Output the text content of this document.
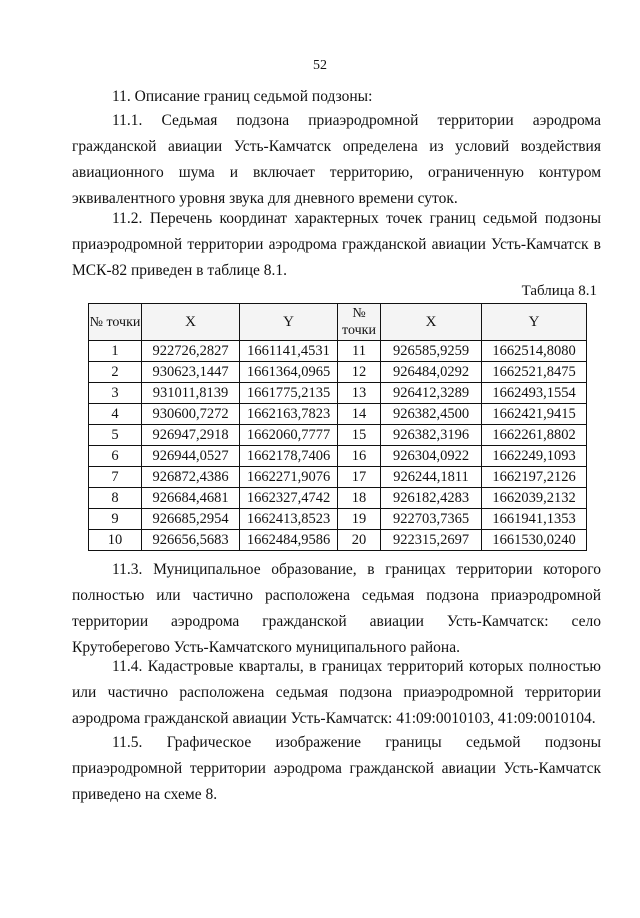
52

11. Описание границ седьмой подзоны:

11.1. Седьмая подзона приаэродромной территории аэродрома гражданской авиации Усть-Камчатск определена из условий воздействия авиационного шума и включает территорию, ограниченную контуром эквивалентного уровня звука для дневного времени суток.

11.2. Перечень координат характерных точек границ седьмой подзоны приаэродромной территории аэродрома гражданской авиации Усть-Камчатск в МСК-82 приведен в таблице 8.1.

Таблица 8.1
№ точки	X	Y	№ точки	X	Y
1	922726,2827	1661141,4531	11	926585,9259	1662514,8080
2	930623,1447	1661364,0965	12	926484,0292	1662521,8475
3	931011,8139	1661775,2135	13	926412,3289	1662493,1554
4	930600,7272	1662163,7823	14	926382,4500	1662421,9415
5	926947,2918	1662060,7777	15	926382,3196	1662261,8802
6	926944,0527	1662178,7406	16	926304,0922	1662249,1093
7	926872,4386	1662271,9076	17	926244,1811	1662197,2126
8	926684,4681	1662327,4742	18	926182,4283	1662039,2132
9	926685,2954	1662413,8523	19	922703,7365	1661941,1353
10	926656,5683	1662484,9586	20	922315,2697	1661530,0240

11.3. Муниципальное образование, в границах территории которого полностью или частично расположена седьмая подзона приаэродромной территории аэродрома гражданской авиации Усть-Камчатск: село Крутоберегово Усть-Камчатского муниципального района.

11.4. Кадастровые кварталы, в границах территорий которых полностью или частично расположена седьмая подзона приаэродромной территории аэродрома гражданской авиации Усть-Камчатск: 41:09:0010103, 41:09:0010104.

11.5. Графическое изображение границы седьмой подзоны приаэродромной территории аэродрома гражданской авиации Усть-Камчатск приведено на схеме 8.
